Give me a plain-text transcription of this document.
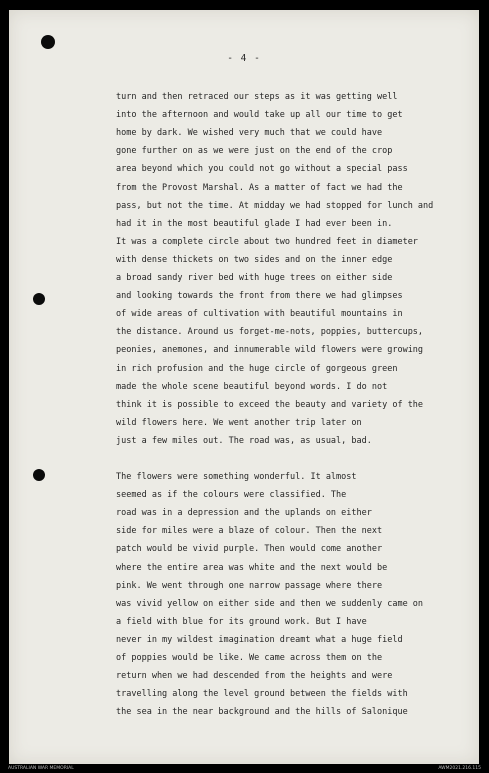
- 4 -
turn and then retraced our steps as it was getting well
into the afternoon and would take up all our time to get
home by dark. We wished very much that we could have
gone further on as we were just on the end of the crop
area beyond which you could not go without a special pass
from the Provost Marshal. As a matter of fact we had the
pass, but not the time. At midday we had stopped for lunch and
had it in the most beautiful glade I had ever been in.
It was a complete circle about two hundred feet in diameter
with dense thickets on two sides and on the inner edge
a broad sandy river bed with huge trees on either side
and looking towards the front from there we had glimpses
of wide areas of cultivation with beautiful mountains in
the distance. Around us forget-me-nots, poppies, buttercups,
peonies, anemones, and innumerable wild flowers were growing
in rich profusion and the huge circle of gorgeous green
made the whole scene beautiful beyond words. I do not
think it is possible to exceed the beauty and variety of the
wild flowers here. We went another trip later on
just a few miles out. The road was, as usual, bad.
The flowers were something wonderful. It almost
seemed as if the colours were classified. The
road was in a depression and the uplands on either
side for miles were a blaze of colour. Then the next
patch would be vivid purple. Then would come another
where the entire area was white and the next would be
pink. We went through one narrow passage where there
was vivid yellow on either side and then we suddenly came on
a field with blue for its ground work. But I have
never in my wildest imagination dreamt what a huge field
of poppies would be like. We came across them on the
return when we had descended from the heights and were
travelling along the level ground between the fields with
the sea in the near background and the hills of Salonique
AUSTRALIAN WAR MEMORIAL	AWM2021.216.115
